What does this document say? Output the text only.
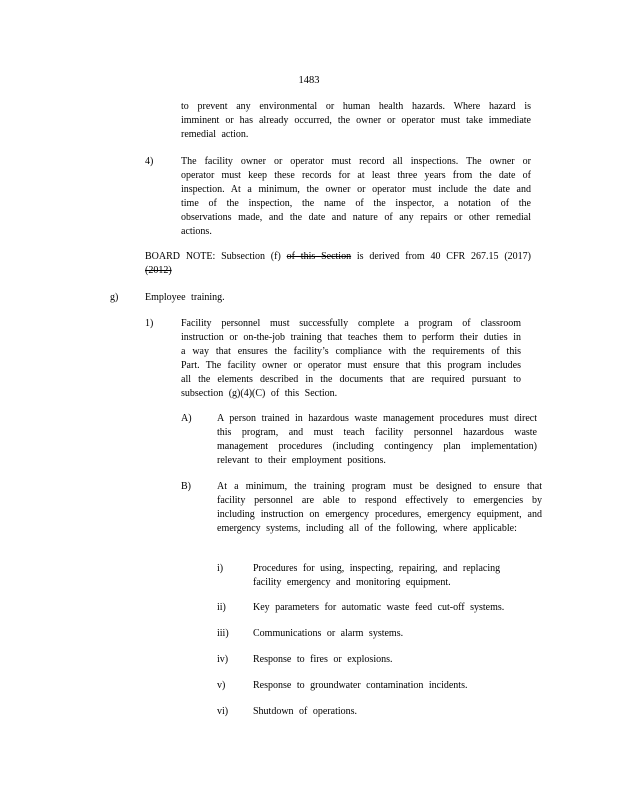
1483
to prevent any environmental or human health hazards. Where hazard is imminent or has already occurred, the owner or operator must take immediate remedial action.
4)	The facility owner or operator must record all inspections. The owner or operator must keep these records for at least three years from the date of inspection. At a minimum, the owner or operator must include the date and time of the inspection, the name of the inspector, a notation of the observations made, and the date and nature of any repairs or other remedial actions.
BOARD NOTE: Subsection (f) of this Section is derived from 40 CFR 267.15 (2017) (2012)
g)	Employee training.
1)	Facility personnel must successfully complete a program of classroom instruction or on-the-job training that teaches them to perform their duties in a way that ensures the facility’s compliance with the requirements of this Part. The facility owner or operator must ensure that this program includes all the elements described in the documents that are required pursuant to subsection (g)(4)(C) of this Section.
A)	A person trained in hazardous waste management procedures must direct this program, and must teach facility personnel hazardous waste management procedures (including contingency plan implementation) relevant to their employment positions.
B)	At a minimum, the training program must be designed to ensure that facility personnel are able to respond effectively to emergencies by including instruction on emergency procedures, emergency equipment, and emergency systems, including all of the following, where applicable:
i)	Procedures for using, inspecting, repairing, and replacing facility emergency and monitoring equipment.
ii)	Key parameters for automatic waste feed cut-off systems.
iii) Communications or alarm systems.
iv) Response to fires or explosions.
v)	Response to groundwater contamination incidents.
vi) Shutdown of operations.
